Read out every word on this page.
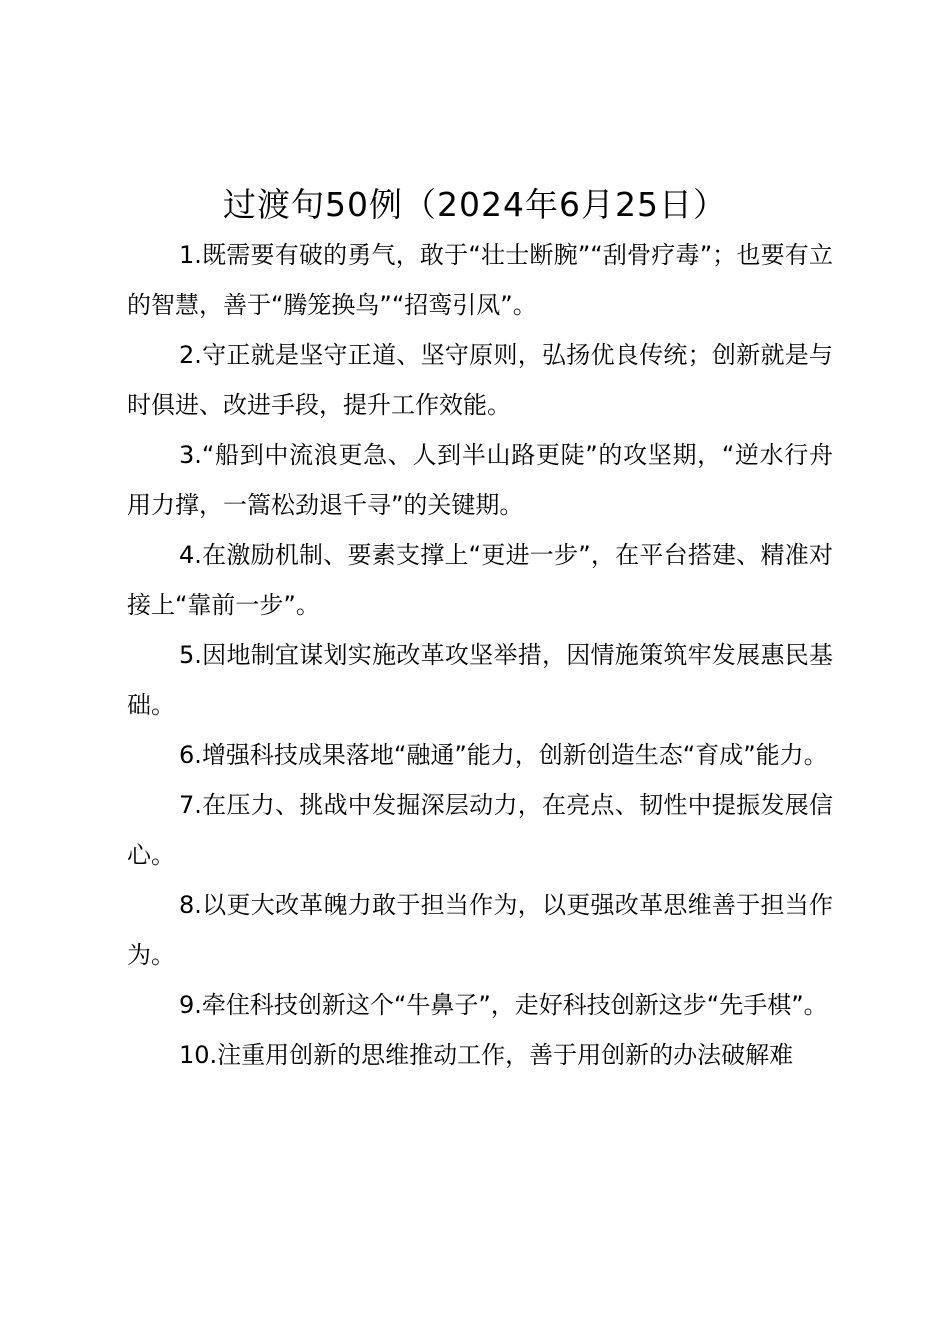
过渡句50例（2024年6月25日）

1.既需要有破的勇气，敢于“壮士断腕”“刮骨疗毒”；也要有立的智慧，善于“腾笼换鸟”“招鸾引凤”。

2.守正就是坚守正道、坚守原则，弘扬优良传统；创新就是与时俱进、改进手段，提升工作效能。

3.“船到中流浪更急、人到半山路更陡”的攻坚期，“逆水行舟用力撑，一篙松劲退千寻”的关键期。

4.在激励机制、要素支撑上“更进一步”，在平台搭建、精准对接上“靠前一步”。

5.因地制宜谋划实施改革攻坚举措，因情施策筑牢发展惠民基础。

6.增强科技成果落地“融通”能力，创新创造生态“育成”能力。

7.在压力、挑战中发掘深层动力，在亮点、韧性中提振发展信心。

8.以更大改革魄力敢于担当作为，以更强改革思维善于担当作为。

9.牵住科技创新这个“牛鼻子”，走好科技创新这步“先手棋”。

10.注重用创新的思维推动工作，善于用创新的办法破解难
